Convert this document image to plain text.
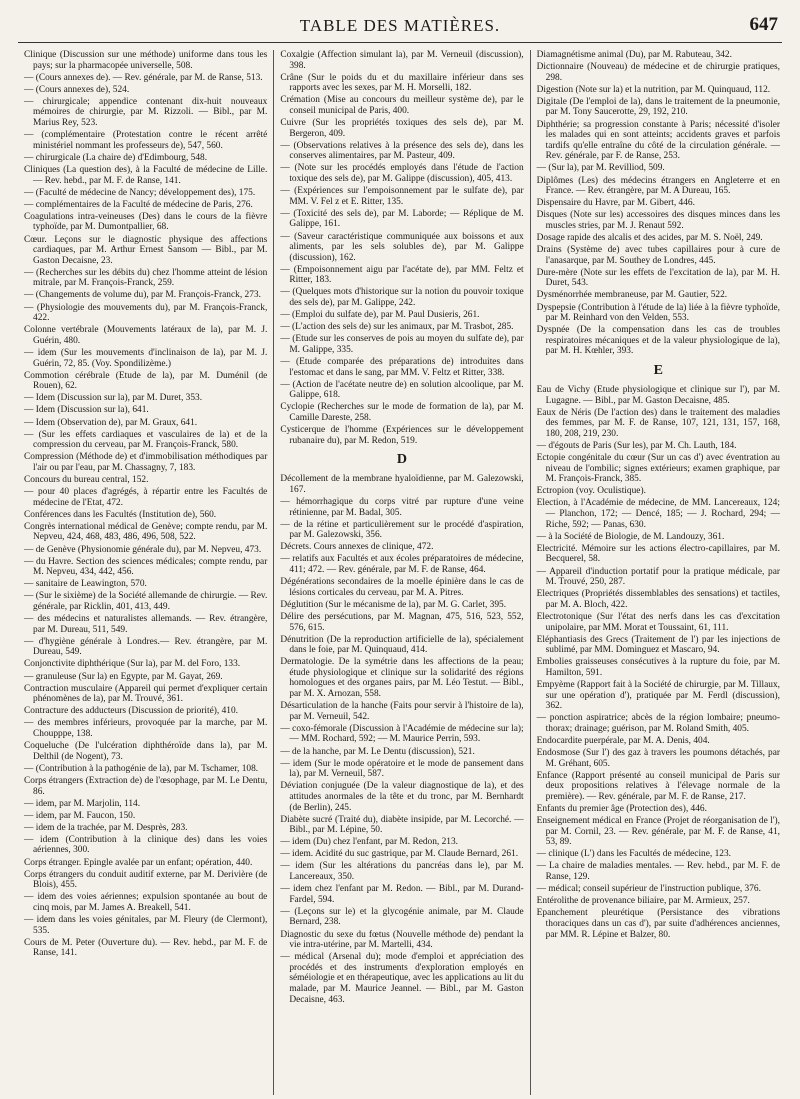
TABLE DES MATIÈRES.	647
Clinique (Discussion sur une méthode) uniforme dans tous les pays; sur la pharmacopée universelle, 508.
— (Cours annexes de). — Rev. générale, par M. de Ranse, 513.
— (Cours annexes de), 524.
— chirurgicale; appendice contenant dix-huit nouveaux mémoires de chirurgie, par M. Rizzoli. — Bibl., par M. Marius Rey, 523.
— (complémentaire (Protestation contre le récent arrêté ministériel nommant les professeurs de), 547, 560.
— chirurgicale (La chaire de) d'Edimbourg, 548.
Cliniques (La question des), à la Faculté de médecine de Lille. — Rev. hebd., par M. F. de Ranse, 141.
— (Faculté de médecine de Nancy; développement des), 175.
— complémentaires de la Faculté de médecine de Paris, 276.
Coagulations intra-veineuses (Des) dans le cours de la fièvre typhoïde, par M. Dumontpallier, 68.
Cœur. Leçons sur le diagnostic physique des affections cardiaques, par M. Arthur Ernest Sansom — Bibl., par M. Gaston Decaisne, 23.
— (Recherches sur les débits du) chez l'homme atteint de lésion mitrale, par M. François-Franck, 259.
— (Changements de volume du), par M. François-Franck, 273.
— (Physiologie des mouvements du), par M. François-Franck, 422.
Colonne vertébrale (Mouvements latéraux de la), par M. J. Guérin, 480.
— idem (Sur les mouvements d'inclinaison de la), par M. J. Guérin, 72, 85. (Voy. Spondilizème.)
Commotion cérébrale (Etude de la), par M. Duménil (de Rouen), 62.
— Idem (Discussion sur la), par M. Duret, 353.
— Idem (Discussion sur la), 641.
— Idem (Observation de), par M. Graux, 641.
— (Sur les effets cardiaques et vasculaires de la) et de la compression du cerveau, par M. François-Franck, 580.
Compression (Méthode de) et d'immobilisation méthodiques par l'air ou par l'eau, par M. Chassagny, 7, 183.
Concours du bureau central, 152.
— pour 40 places d'agrégés, à répartir entre les Facultés de médecine de l'Etat, 472.
Conférences dans les Facultés (Institution de), 560.
Congrès international médical de Genève; compte rendu, par M. Nepveu, 424, 468, 483, 486, 496, 508, 522.
— de Genève (Physionomie générale du), par M. Nepveu, 473.
— du Havre. Section des sciences médicales; compte rendu, par M. Nepveu, 434, 442, 456.
— sanitaire de Leawington, 570.
— (Sur le sixième) de la Société allemande de chirurgie. — Rev. générale, par Ricklin, 401, 413, 449.
— des médecins et naturalistes allemands. — Rev. étrangère, par M. Dureau, 511, 549.
— d'hygiène générale à Londres.— Rev. étrangère, par M. Dureau, 549.
Conjonctivite diphthérique (Sur la), par M. del Foro, 133.
— granuleuse (Sur la) en Egypte, par M. Gayat, 269.
Contraction musculaire (Appareil qui permet d'expliquer certain phénomènes de la), par M. Trouvé, 361.
Contracture des adducteurs (Discussion de priorité), 410.
— des membres inférieurs, provoquée par la marche, par M. Choupppe, 138.
Coqueluche (De l'ulcération diphthéroïde dans la), par M. Delthil (de Nogent), 73.
— (Contribution à la pathogénie de la), par M. Tschamer, 108.
Corps étrangers (Extraction de) de l'œsophage, par M. Le Dentu, 86.
— idem, par M. Marjolin, 114.
— idem, par M. Faucon, 150.
— idem de la trachée, par M. Desprès, 283.
— idem (Contribution à la clinique des) dans les voies aériennes, 300.
Corps étranger. Epingle avalée par un enfant; opération, 440.
Corps étrangers du conduit auditif externe, par M. Derivière (de Blois), 455.
— idem des voies aériennes; expulsion spontanée au bout de cinq mois, par M. James A. Breakell, 541.
— idem dans les voies génitales, par M. Fleury (de Clermont), 535.
Cours de M. Peter (Ouverture du). — Rev. hebd., par M. F. de Ranse, 141.
Coxalgie (Affection simulant la), par M. Verneuil (discussion), 398.
Crâne (Sur le poids du et du maxillaire inférieur dans ses rapports avec les sexes, par M. H. Morselli, 182.
Crémation (Mise au concours du meilleur système de), par le conseil municipal de Paris, 400.
Cuivre (Sur les propriétés toxiques des sels de), par M. Bergeron, 409.
— (Observations relatives à la présence des sels de), dans les conserves alimentaires, par M. Pasteur, 409.
— (Note sur les procédés employés dans l'étude de l'action toxique des sels de), par M. Galippe (discussion), 405, 413.
— (Expériences sur l'empoisonnement par le sulfate de), par MM. V. Fel z et E. Ritter, 135.
— (Toxicité des sels de), par M. Laborde; — Réplique de M. Galippe, 161.
— (Saveur caractéristique communiquée aux boissons et aux aliments, par les sels solubles de), par M. Galippe (discussion), 162.
— (Empoisonnement aigu par l'acétate de), par MM. Feltz et Ritter, 183.
— (Quelques mots d'historique sur la notion du pouvoir toxique des sels de), par M. Galippe, 242.
— (Emploi du sulfate de), par M. Paul Dusieris, 261.
— (L'action des sels de) sur les animaux, par M. Trasbot, 285.
— (Etude sur les conserves de pois au moyen du sulfate de), par M. Galippe, 335.
— (Etude comparée des préparations de) introduites dans l'estomac et dans le sang, par MM. V. Feltz et Ritter, 338.
— (Action de l'acétate neutre de) en solution alcoolique, par M. Galippe, 618.
Cyclopie (Recherches sur le mode de formation de la), par M. Camille Dareste, 258.
Cysticerque de l'homme (Expériences sur le développement rubanaire du), par M. Redon, 519.
D
Décollement de la membrane hyaloïdienne, par M. Galezowski, 167.
— hémorrhagique du corps vitré par rupture d'une veine rétinienne, par M. Badal, 305.
— de la rétine et particulièrement sur le procédé d'aspiration, par M. Galezowski, 356.
Décrets. Cours annexes de clinique, 472.
— relatifs aux Facultés et aux écoles préparatoires de médecine, 411; 472. — Rev. générale, par M. F. de Ranse, 464.
Dégénérations secondaires de la moelle épinière dans le cas de lésions corticales du cerveau, par M. A. Pitres.
Déglutition (Sur le mécanisme de la), par M. G. Carlet, 395.
Délire des persécutions, par M. Magnan, 475, 516, 523, 552, 576, 615.
Dénutrition (De la reproduction artificielle de la), spécialement dans le foie, par M. Quinquaud, 414.
Dermatologie. De la symétrie dans les affections de la peau; étude physiologique et clinique sur la solidarité des régions homologues et des organes pairs, par M. Léo Testut. — Bibl., par M. X. Arnozan, 558.
Désarticulation de la hanche (Faits pour servir à l'histoire de la), par M. Verneuil, 542.
— coxo-fémorale (Discussion à l'Académie de médecine sur la); — MM. Rochard, 592; — M. Maurice Perrin, 593.
— de la hanche, par M. Le Dentu (discussion), 521.
— idem (Sur le mode opératoire et le mode de pansement dans la), par M. Verneuil, 587.
Déviation conjuguée (De la valeur diagnostique de la), et des attitudes anormales de la tête et du tronc, par M. Bernhardt (de Berlin), 245.
Diabète sucré (Traité du), diabète insipide, par M. Lecorché. — Bibl., par M. Lépine, 50.
— idem (Du) chez l'enfant, par M. Redon, 213.
— idem. Acidité du suc gastrique, par M. Claude Bernard, 261.
— idem (Sur les altérations du pancréas dans le), par M. Lancereaux, 350.
— idem chez l'enfant par M. Redon. — Bibl., par M. Durand-Fardel, 594.
— (Leçons sur le) et la glycogénie animale, par M. Claude Bernard, 238.
Diagnostic du sexe du fœtus (Nouvelle méthode de) pendant la vie intra-utérine, par M. Martelli, 434.
— médical (Arsenal du); mode d'emploi et appréciation des procédés et des instruments d'exploration employés en séméiologie et en thérapeutique, avec les applications au lit du malade, par M. Maurice Jeannel. — Bibl., par M. Gaston Decaisne, 463.
Diamagnétisme animal (Du), par M. Rabuteau, 342.
Dictionnaire (Nouveau) de médecine et de chirurgie pratiques, 298.
Digestion (Note sur la) et la nutrition, par M. Quinquaud, 112.
Digitale (De l'emploi de la), dans le traitement de la pneumonie, par M. Tony Saucerotte, 29, 192, 210.
Diphthérie; sa progression constante à Paris; nécessité d'isoler les malades qui en sont atteints; accidents graves et parfois tardifs qu'elle entraîne du côté de la circulation générale. — Rev. générale, par F. de Ranse, 253.
— (Sur la), par M. Revilliod, 509.
Diplômes (Les) des médecins étrangers en Angleterre et en France. — Rev. étrangère, par M. A Dureau, 165.
Dispensaire du Havre, par M. Gibert, 446.
Disques (Note sur les) accessoires des disques minces dans les muscles stries, par M. J. Renaut 592.
Dosage rapide des alcalis et des acides, par M. S. Noël, 249.
Drains (Système de) avec tubes capillaires pour à cure de l'anasarque, par M. Southey de Londres, 445.
Dure-mère (Note sur les effets de l'excitation de la), par M. H. Duret, 543.
Dysménorrhée membraneuse, par M. Gautier, 522.
Dyspepsie (Contribution à l'étude de la) liée à la fièvre typhoïde, par M. Reinhard von den Velden, 553.
Dyspnée (De la compensation dans les cas de troubles respiratoires mécaniques et de la valeur physiologique de la), par M. H. Kœhler, 393.
E
Eau de Vichy (Etude physiologique et clinique sur l'), par M. Lugagne. — Bibl., par M. Gaston Decaisne, 485.
Eaux de Néris (De l'action des) dans le traitement des maladies des femmes, par M. F. de Ranse, 107, 121, 131, 157, 168, 180, 208, 219, 230.
— d'égouts de Paris (Sur les), par M. Ch. Lauth, 184.
Ectopie congénitale du cœur (Sur un cas d') avec éventration au niveau de l'ombilic; signes extérieurs; examen graphique, par M. François-Franck, 385.
Ectropion (voy. Oculistique).
Election, à l'Académie de médecine, de MM. Lancereaux, 124; — Planchon, 172; — Dencé, 185; — J. Rochard, 294; — Riche, 592; — Panas, 630.
— à la Société de Biologie, de M. Landouzy, 361.
Electricité. Mémoire sur les actions électro-capillaires, par M. Becquerel, 58.
— Appareil d'induction portatif pour la pratique médicale, par M. Trouvé, 250, 287.
Electriques (Propriétés dissemblables des sensations) et tactiles, par M. A. Bloch, 422.
Electrotonique (Sur l'état des nerfs dans les cas d'excitation unipolaire, par MM. Morat et Toussaint, 61, 111.
Eléphantiasis des Grecs (Traitement de l') par les injections de sublimé, par MM. Dominguez et Mascaro, 94.
Embolies graisseuses consécutives à la rupture du foie, par M. Hamilton, 591.
Empyème (Rapport fait à la Société de chirurgie, par M. Tillaux, sur une opération d'), pratiquée par M. Ferdl (discussion), 362.
— ponction aspiratrice; abcès de la région lombaire; pneumo-thorax; drainage; guérison, par M. Roland Smith, 405.
Endocardite puerpérale, par M. A. Denis, 404.
Endosmose (Sur l') des gaz à travers les poumons détachés, par M. Gréhant, 605.
Enfance (Rapport présenté au conseil municipal de Paris sur deux propositions relatives à l'élevage normale de la première). — Rev. générale, par M. F. de Ranse, 217.
Enfants du premier âge (Protection des), 446.
Enseignement médical en France (Projet de réorganisation de l'), par M. Cornil, 23. — Rev. générale, par M. F. de Ranse, 41, 53, 89.
— clinique (L') dans les Facultés de médecine, 123.
— La chaire de maladies mentales. — Rev. hebd., par M. F. de Ranse, 129.
— médical; conseil supérieur de l'instruction publique, 376.
Entérolithe de provenance biliaire, par M. Armieux, 257.
Epanchement pleurétique (Persistance des vibrations thoraciques dans un cas d'), par suite d'adhérences anciennes, par MM. R. Lépine et Balzer, 80.
